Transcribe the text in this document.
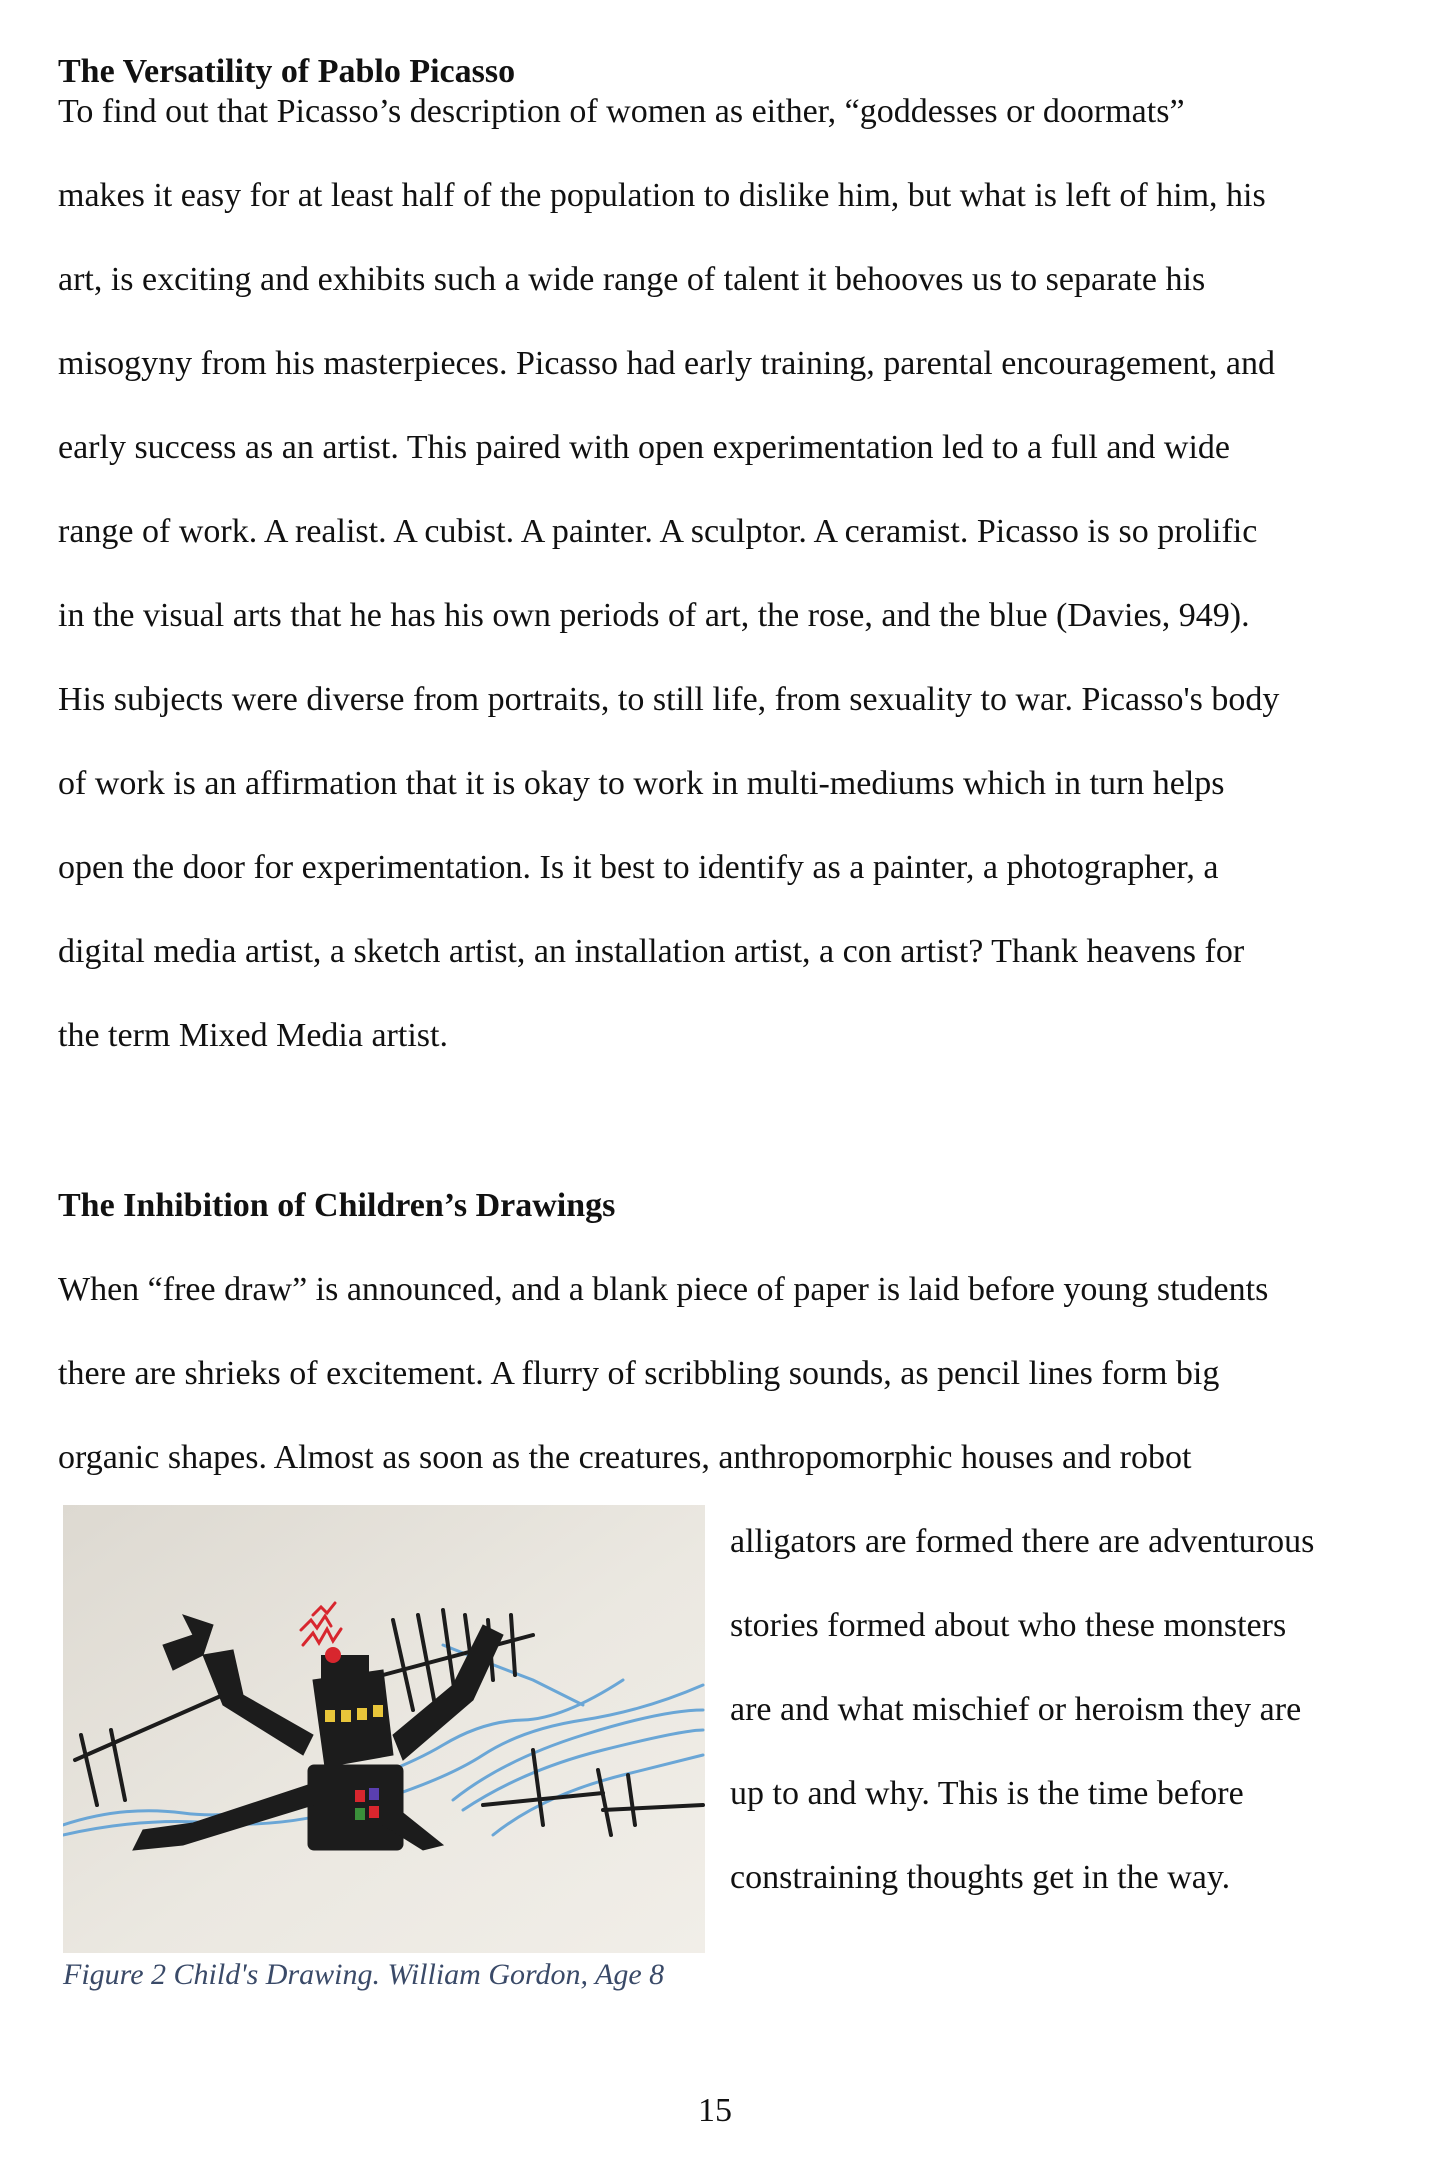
The Versatility of Pablo Picasso
To find out that Picasso’s description of women as either, “goddesses or doormats”
makes it easy for at least half of the population to dislike him, but what is left of him, his
art, is exciting and exhibits such a wide range of talent it behooves us to separate his
misogyny from his masterpieces. Picasso had early training, parental encouragement, and
early success as an artist. This paired with open experimentation led to a full and wide
range of work. A realist. A cubist. A painter. A sculptor. A ceramist. Picasso is so prolific
in the visual arts that he has his own periods of art, the rose, and the blue (Davies, 949).
His subjects were diverse from portraits, to still life, from sexuality to war. Picasso's body
of work is an affirmation that it is okay to work in multi-mediums which in turn helps
open the door for experimentation. Is it best to identify as a painter, a photographer, a
digital media artist, a sketch artist, an installation artist, a con artist? Thank heavens for
the term Mixed Media artist.
The Inhibition of Children’s Drawings
When “free draw” is announced, and a blank piece of paper is laid before young students
there are shrieks of excitement. A flurry of scribbling sounds, as pencil lines form big
organic shapes. Almost as soon as the creatures, anthropomorphic houses and robot
alligators are formed there are adventurous
stories formed about who these monsters
are and what mischief or heroism they are
up to and why. This is the time before
constraining thoughts get in the way.
Figure 2 Child's Drawing. William Gordon, Age 8
15
